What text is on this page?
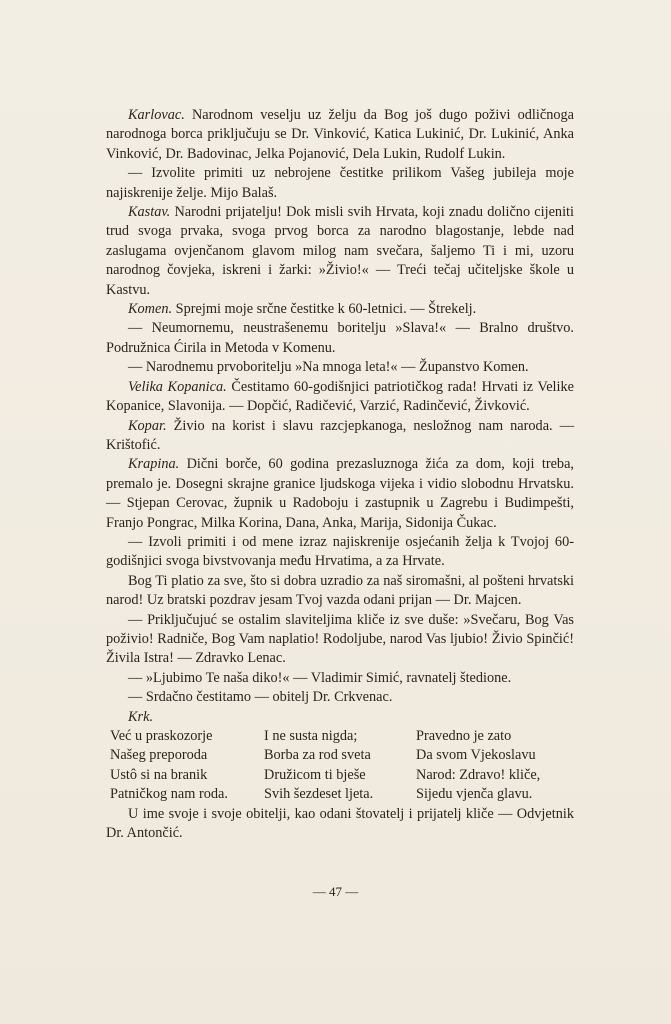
Karlovac. Narodnom veselju uz želju da Bog još dugo poživi odličnoga narodnoga borca priključuju se Dr. Vinković, Katica Lukinić, Dr. Lukinić, Anka Vinković, Dr. Badovinac, Jelka Pojanović, Dela Lukin, Rudolf Lukin.

— Izvolite primiti uz nebrojene čestitke prilikom Vašeg jubileja moje najiskrenije želje. Mijo Balaš.

Kastav. Narodni prijatelju! Dok misli svih Hrvata, koji znadu dolično cijeniti trud svoga prvaka, svoga prvog borca za narodno blagostanje, lebde nad zaslugama ovjenčanom glavom milog nam svečara, šaljemo Ti i mi, uzoru narodnog čovjeka, iskreni i žarki: »Živio!« — Treći tečaj učiteljske škole u Kastvu.

Komen. Sprejmi moje srčne čestitke k 60-letnici. — Štrekelj.

— Neumornemu, neustrašenemu boritelju »Slava!« — Bralno društvo. Podružnica Ćirila in Metoda v Komenu.

— Narodnemu prvoboritelju »Na mnoga leta!« — Županstvo Komen.

Velika Kopanica. Čestitamo 60-godišnjici patriotičkog rada! Hrvati iz Velike Kopanice, Slavonija. — Dopčić, Radičević, Varzić, Radinčević, Živković.

Kopar. Živio na korist i slavu razcjepkanoga, nesložnog nam naroda. — Krištofić.

Krapina. Dični borče, 60 godina prezasluznoga žića za dom, koji treba, premalo je. Dosegni skrajne granice ljudskoga vijeka i vidio slobodnu Hrvatsku. — Stjepan Cerovac, župnik u Radoboju i zastupnik u Zagrebu i Budimpešti, Franjo Pongrac, Milka Korina, Dana, Anka, Marija, Sidonija Čukac.

— Izvoli primiti i od mene izraz najiskrenije osjećanih želja k Tvojoj 60-godišnjici svoga bivstvovanja među Hrvatima, a za Hrvate.

Bog Ti platio za sve, što si dobra uzradio za naš siromašni, al pošteni hrvatski narod! Uz bratski pozdrav jesam Tvoj vazda odani prijan — Dr. Majcen.

— Priključujuć se ostalim slaviteljima kliče iz sve duše: »Svečaru, Bog Vas poživio! Radniče, Bog Vam naplatio! Rodoljube, narod Vas ljubio! Živio Spinčić! Živila Istra! — Zdravko Lenac.

— »Ljubimo Te naša diko!« — Vladimir Simić, ravnatelj štedione.

— Srdačno čestitamo — obitelj Dr. Crkvenac.

Krk.

Već u praskozorje
Našeg preporoda
Ustô si na branik
Patničkog nam roda.
I ne susta nigda;
Borba za rod sveta
Družicom ti bješe
Svih šezdeset ljeta.
Pravedno je zato
Da svom Vjekoslavu
Narod: Zdravo! kliče,
Sijedu vjenča glavu.

U ime svoje i svoje obitelji, kao odani štovatelj i prijatelj kliče — Odvjetnik Dr. Antončić.

— 47 —
